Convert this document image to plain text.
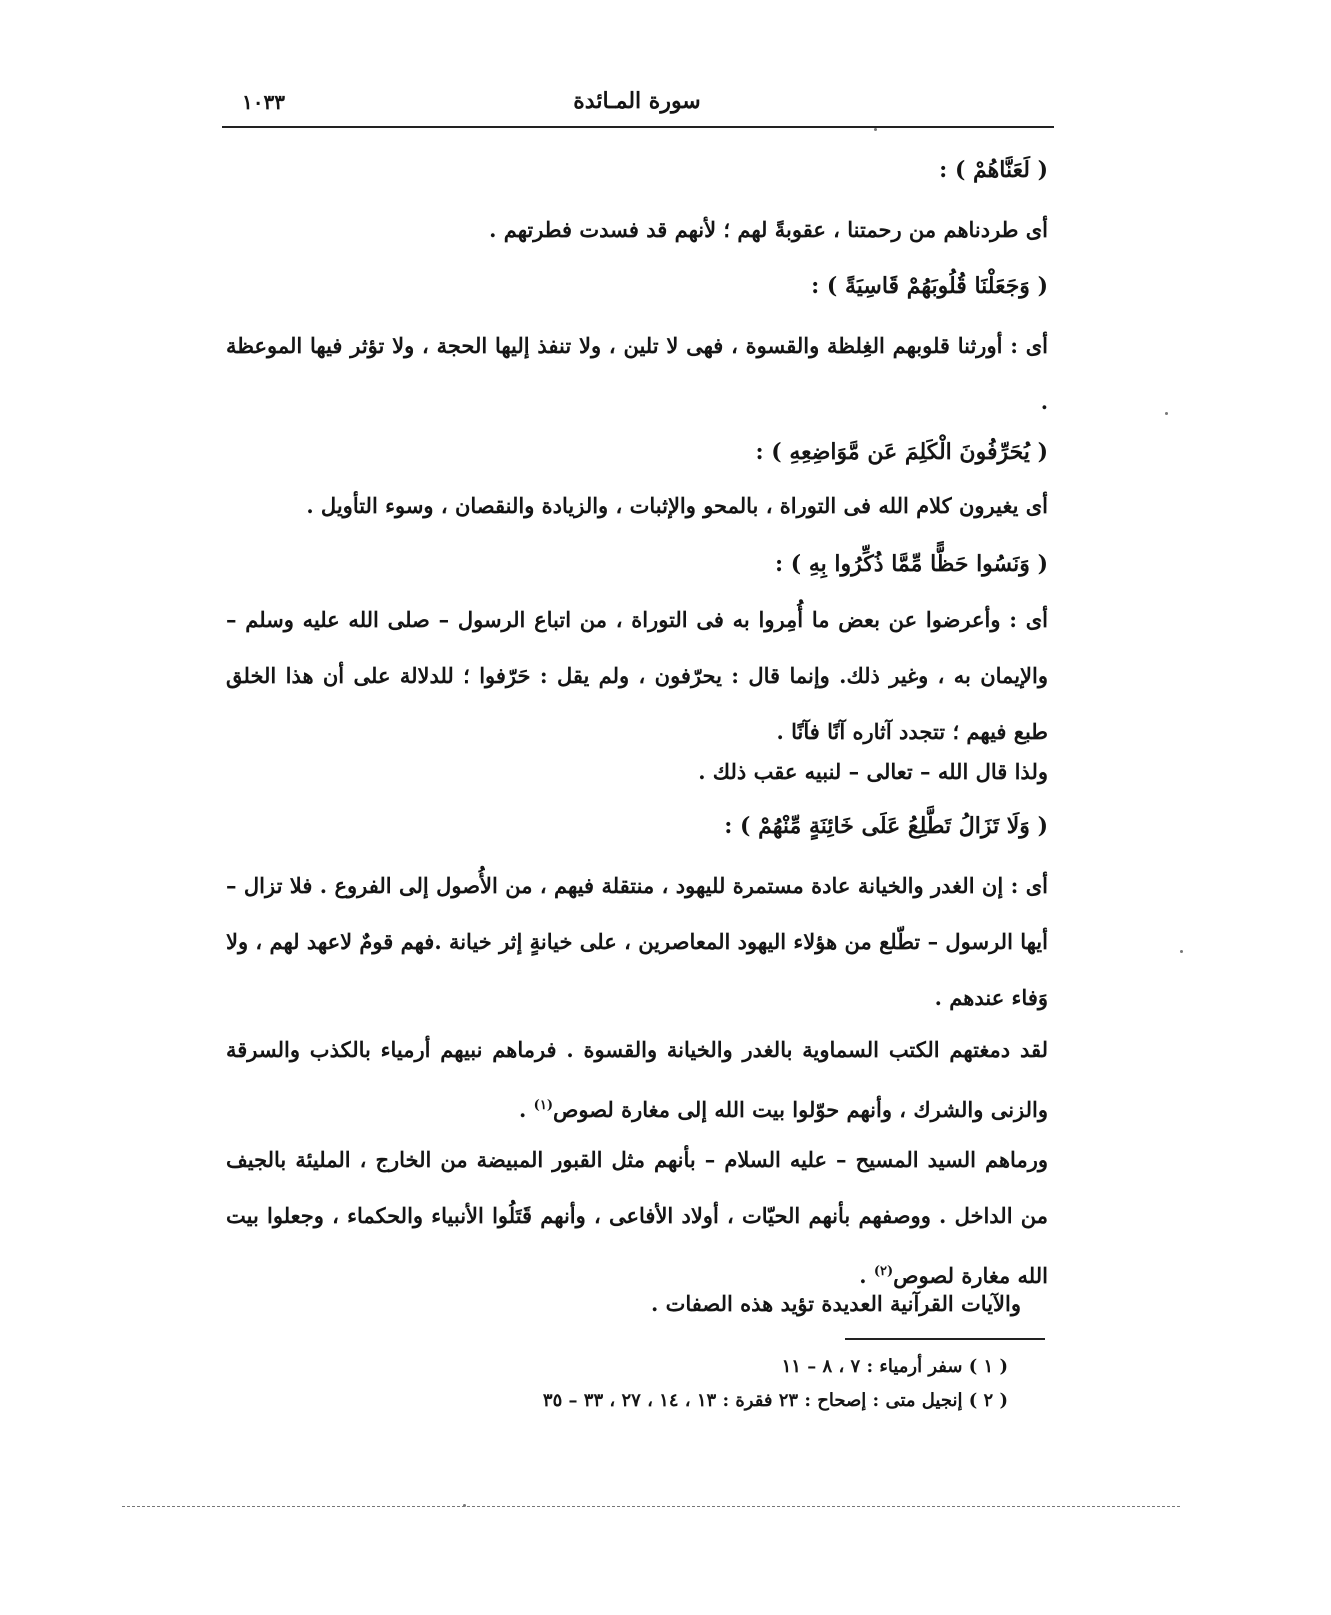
سورة المـائدة
١٠٣٣
( لَعَنَّاهُمْ ) :
أى طردناهم من رحمتنا ، عقوبةً لهم ؛ لأنهم قد فسدت فطرتهم .
( وَجَعَلْنَا قُلُوبَهُمْ قَاسِيَةً ) :
أى : أورثنا قلوبهم الغِلظة والقسوة ، فهى لا تلين ، ولا تنفذ إليها الحجة ، ولا تؤثر فيها الموعظة .
( يُحَرِّفُونَ الْكَلِمَ عَن مَّوَاضِعِهِ ) :
أى يغيرون كلام الله فى التوراة ، بالمحو والإثبات ، والزيادة والنقصان ، وسوء التأويل .
( وَنَسُوا حَظًّا مِّمَّا ذُكِّرُوا بِهِ ) :
أى : وأعرضوا عن بعض ما أُمِروا به فى التوراة ، من اتباع الرسول – صلى الله عليه وسلم – والإيمان به ، وغير ذلك. وإنما قال : يحرّفون ، ولم يقل : حَرّفوا ؛ للدلالة على أن هذا الخلق طبع فيهم ؛ تتجدد آثاره آنًا فآنًا .
ولذا قال الله – تعالى – لنبيه عقب ذلك .
( وَلَا تَزَالُ تَطَّلِعُ عَلَى خَائِنَةٍ مِّنْهُمْ ) :
أى : إن الغدر والخيانة عادة مستمرة لليهود ، منتقلة فيهم ، من الأُصول إلى الفروع . فلا تزال – أيها الرسول – تطّلع من هؤلاء اليهود المعاصرين ، على خيانةٍ إثر خيانة .فهم قومٌ لاعهد لهم ، ولا وَفاء عندهم .
لقد دمغتهم الكتب السماوية بالغدر والخيانة والقسوة . فرماهم نبيهم أرمياء بالكذب والسرقة والزنى والشرك ، وأنهم حوّلوا بيت الله إلى مغارة لصوص$^{(١)}$ .
ورماهم السيد المسيح – عليه السلام – بأنهم مثل القبور المبيضة من الخارج ، المليئة بالجيف من الداخل . ووصفهم بأنهم الحيّات ، أولاد الأفاعى ، وأنهم قَتَلُوا الأنبياء والحكماء ، وجعلوا بيت الله مغارة لصوص$^{(٢)}$ .
والآيات القرآنية العديدة تؤيد هذه الصفات .
( ١ ) سفر أرمياء : ٧ ، ٨ – ١١
( ٢ ) إنجيل متى : إصحاح : ٢٣ فقرة : ١٣ ، ١٤ ، ٢٧ ، ٣٣ – ٣٥
